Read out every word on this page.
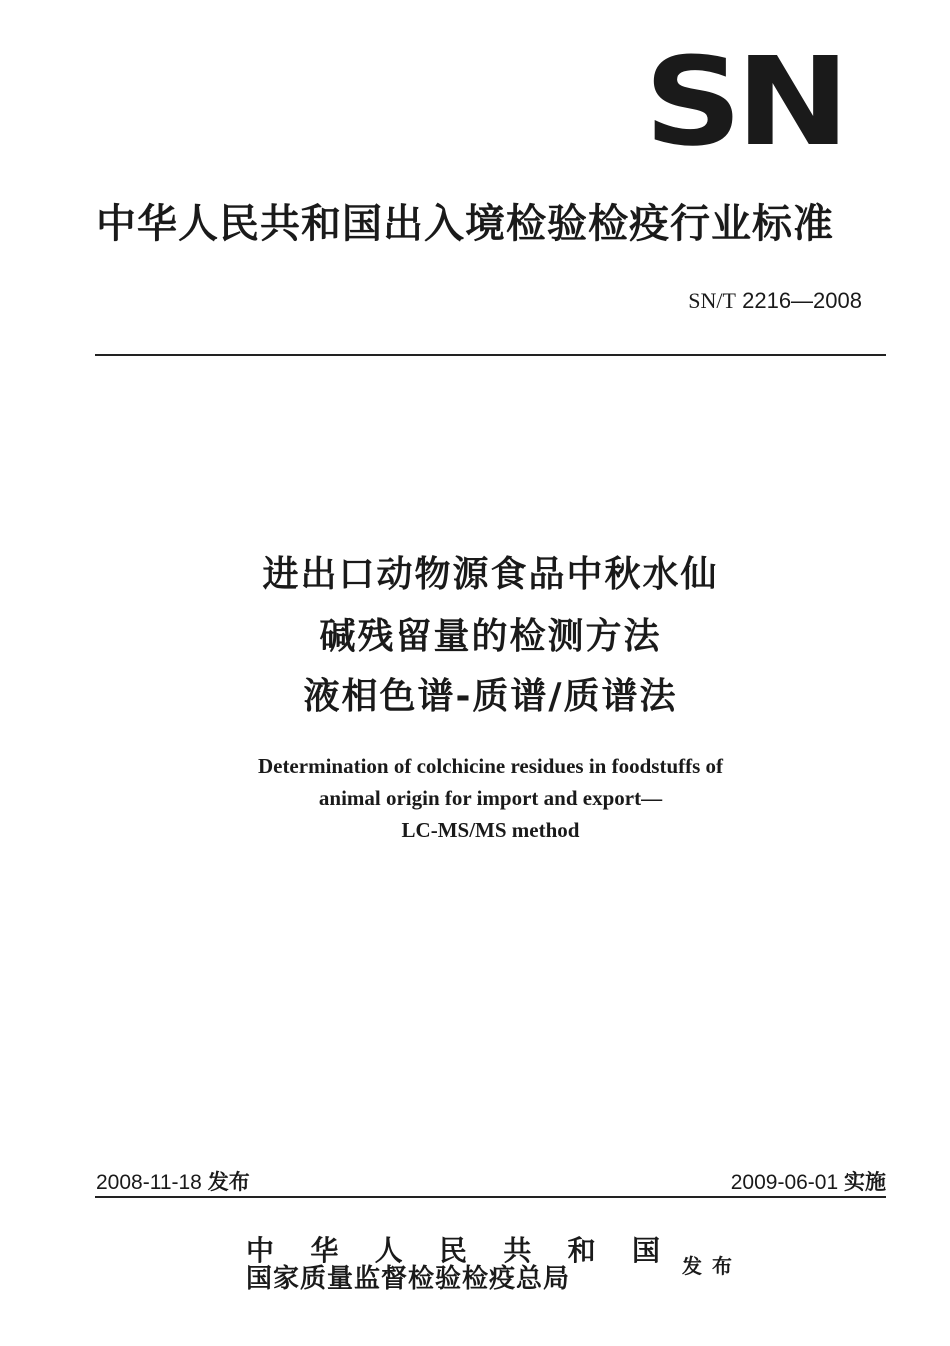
SN
中华人民共和国出入境检验检疫行业标准
SN/T 2216—2008
进出口动物源食品中秋水仙
碱残留量的检测方法
液相色谱-质谱/质谱法
Determination of colchicine residues in foodstuffs of
animal origin for import and export—
LC-MS/MS method
2008-11-18 发布	2009-06-01 实施
中 华 人 民 共 和 国
国家质量监督检验检疫总局	发布
